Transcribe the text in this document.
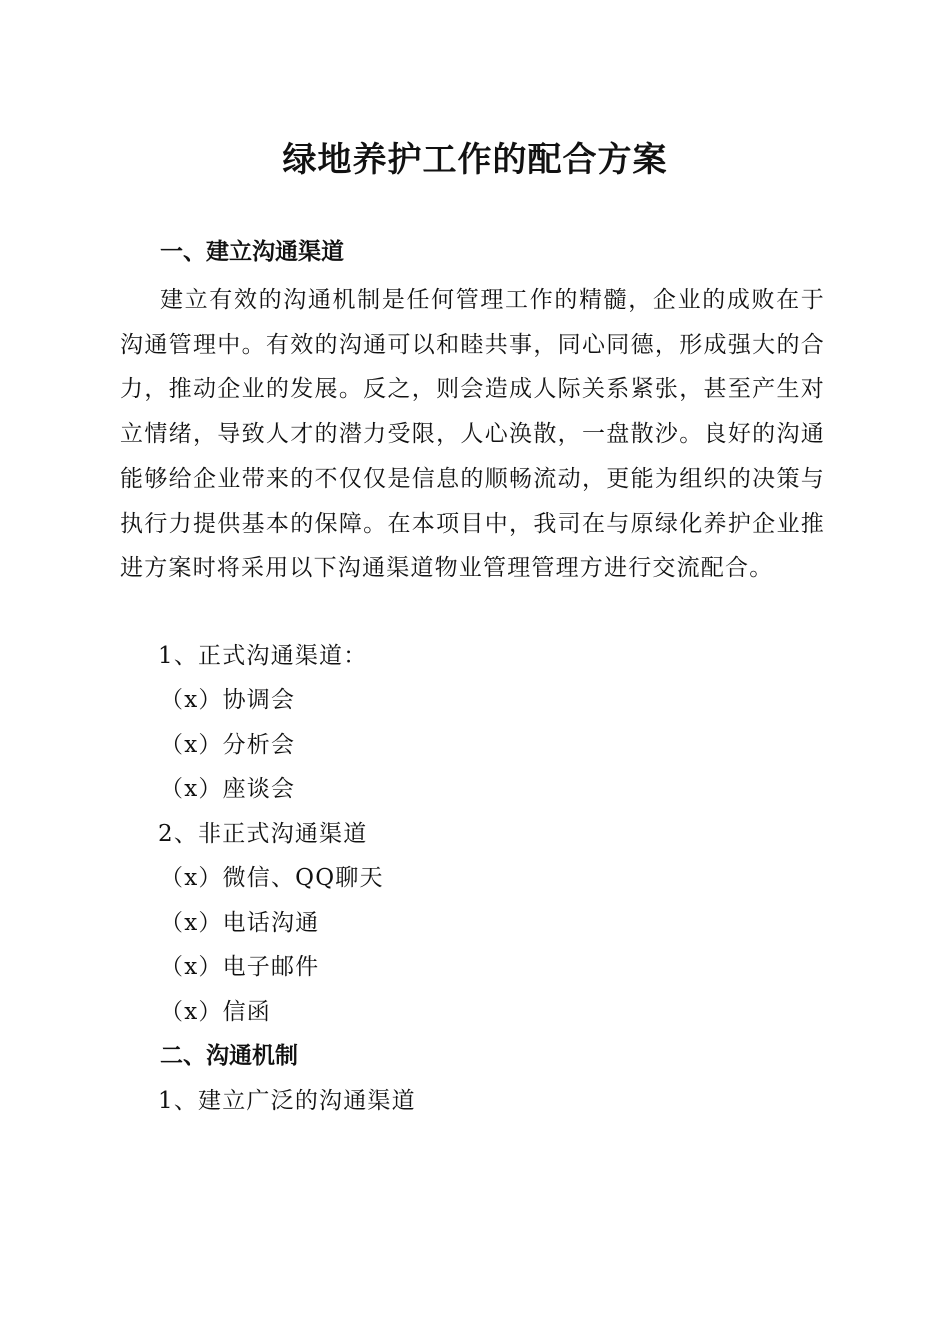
绿地养护工作的配合方案
一、建立沟通渠道

建立有效的沟通机制是任何管理工作的精髓，企业的成败在于沟通管理中。有效的沟通可以和睦共事，同心同德，形成强大的合力，推动企业的发展。反之，则会造成人际关系紧张，甚至产生对立情绪，导致人才的潜力受限，人心涣散，一盘散沙。良好的沟通能够给企业带来的不仅仅是信息的顺畅流动，更能为组织的决策与执行力提供基本的保障。在本项目中，我司在与原绿化养护企业推进方案时将采用以下沟通渠道物业管理管理方进行交流配合。

1、正式沟通渠道：

（x）协调会

（x）分析会

（x）座谈会

2、非正式沟通渠道

（x）微信、QQ聊天

（x）电话沟通

（x）电子邮件

（x）信函

二、沟通机制

1、建立广泛的沟通渠道
